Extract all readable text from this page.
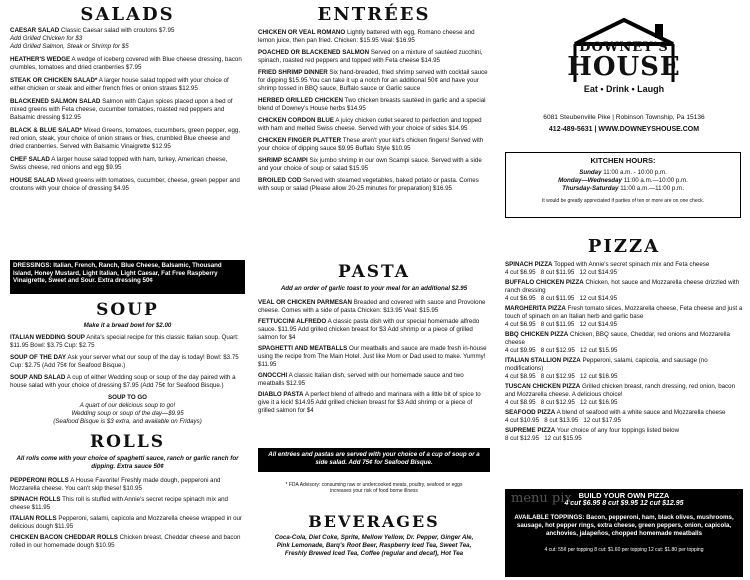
SALADS

CAESAR SALAD Classic Caesar salad with croutons $7.95
Add Grilled Chicken for $3
Add Grilled Salmon, Steak or Shrimp for $5

HEATHER'S WEDGE A wedge of iceberg covered with Blue cheese dressing, bacon crumbles, tomatoes and dried cranberries $7.95

STEAK OR CHICKEN SALAD* A larger house salad topped with your choice of either chicken or steak and either french fries or onion straws $12.95

BLACKENED SALMON SALAD Salmon with Cajun spices placed upon a bed of mixed greens with Feta cheese, cucumber tomatoes, roasted red peppers and Balsamic dressing $12.95

BLACK & BLUE SALAD* Mixed Greens, tomatoes, cucumbers, green pepper, egg, red onion, steak, your choice of onion straws or fries, crumbled Blue cheese and dried cranberries. Served with Balsamic Vinaigrette $12.95

CHEF SALAD A larger house salad topped with ham, turkey, American cheese, Swiss cheese, red onions and egg $9.95

HOUSE SALAD Mixed greens with tomatoes, cucumber, cheese, green pepper and croutons with your choice of dressing $4.95

DRESSINGS: Italian, French, Ranch, Blue Cheese, Balsamic, Thousand Island, Honey Mustard, Light Italian, Light Caesar, Fat Free Raspberry Vinaigrette, Sweet and Sour. Extra dressing 50¢

SOUP

Make it a bread bowl for $2.00

ITALIAN WEDDING SOUP Anita's special recipe for this classic Italian soup. Quart: $11.95 Bowl: $3.75 Cup: $2.75

SOUP OF THE DAY Ask your server what our soup of the day is today! Bowl: $3.75 Cup: $2.75 (Add 75¢ for Seafood Bisque.)

SOUP AND SALAD A cup of either Wedding soup or soup of the day paired with a house salad with your choice of dressing $7.95 (Add 75¢ for Seafood Bisque.)

SOUP TO GO

A quart of our delicious soup to go!
Wedding soup or soup of the day—$9.95
(Seafood Bisque is $3 extra, and available on Fridays)

ROLLS

All rolls come with your choice of spaghetti sauce, ranch or garlic ranch for dipping. Extra sauce 50¢

PEPPERONI ROLLS A House Favorite! Freshly made dough, pepperoni and Mozzarella cheese. You can't skip these! $10.95

SPINACH ROLLS This roll is stuffed with Annie's secret recipe spinach mix and cheese $11.95

ITALIAN ROLLS Pepperoni, salami, capicola and Mozzarella cheese wrapped in our delicious dough $11.95

CHICKEN BACON CHEDDAR ROLLS Chicken breast, Cheddar cheese and bacon rolled in our homemade dough $10.95

ENTRÉES

CHICKEN OR VEAL ROMANO Lightly battered with egg, Romano cheese and lemon juice, then pan fried. Chicken: $15.95 Veal: $16.95

POACHED OR BLACKENED SALMON Served on a mixture of sautéed zucchini, spinach, roasted red peppers and topped with Feta cheese $14.95

FRIED SHRIMP DINNER Six hand-breaded, fried shrimp served with cocktail sauce for dipping $15.95 You can take it up a notch for an additional 50¢ and have your shrimp tossed in BBQ sauce, Buffalo sauce or Garlic sauce

HERBED GRILLED CHICKEN Two chicken breasts sautéed in garlic and a special blend of Downey's House herbs $14.95

CHICKEN CORDON BLUE A juicy chicken cutlet seared to perfection and topped with ham and melted Swiss cheese. Served with your choice of sides $14.95

CHICKEN FINGER PLATTER These aren't your kid's chicken fingers! Served with your choice of dipping sauce $9.95 Buffalo Style $10.95

SHRIMP SCAMPI Six jumbo shrimp in our own Scampi sauce. Served with a side and your choice of soup or salad $15.95

BROILED COD Served with steamed vegetables, baked potato or pasta. Comes with soup or salad (Please allow 20-25 minutes for preparation) $16.95

PASTA

Add an order of garlic toast to your meal for an additional $2.95

VEAL OR CHICKEN PARMESAN Breaded and covered with sauce and Provolone cheese. Comes with a side of pasta Chicken: $13.95 Veal: $15.95

FETTUCCINI ALFREDO A classic pasta dish with our special homemade alfredo sauce. $11.95 Add grilled chicken breast for $3 Add shrimp or a piece of grilled salmon for $4

SPAGHETTI AND MEATBALLS Our meatballs and sauce are made fresh in-house using the recipe from The Main Hotel. Just like Mom or Dad used to make. Yummy! $11.95

GNOCCHI A classic Italian dish, served with our homemade sauce and two meatballs $12.95

DIABLO PASTA A perfect blend of alfredo and marinara with a little bit of spice to give it a kick! $14.95 Add grilled chicken breast for $3 Add shrimp or a piece of grilled salmon for $4

All entrées and pastas are served with your choice of a cup of soup or a side salad. Add 75¢ for Seafood Bisque.

* FDA Advisory: consuming raw or undercooked meats, poultry, seafood or eggs increases your risk of food borne illness

BEVERAGES

Coca-Cola, Diet Coke, Sprite, Mellow Yellow, Dr. Pepper, Ginger Ale, Pink Lemonade, Barq's Root Beer, Raspberry Iced Tea, Sweet Tea, Freshly Brewed Iced Tea, Coffee (regular and decaf), Hot Tea

DOWNEY'S
HOUSE
Eat • Drink • Laugh

6081 Steubenville Pike | Robinson Township, Pa 15136

412-489-5631 | WWW.DOWNEYSHOUSE.COM

KITCHEN HOURS:

Sunday 11:00 a.m. - 10:00 p.m.

Monday—Wednesday 11:00 a.m.—10:00 p.m.

Thursday-Saturday 11:00 a.m.—11:00 p.m.

It would be greatly appreciated if parties of ten or more are on one check.

PIZZA

SPINACH PIZZA Topped with Annie's secret spinach mix and Feta cheese
4 cut $6.95   8 cut $11.95   12 cut $14.95

BUFFALO CHICKEN PIZZA Chicken, hot sauce and Mozzarella cheese drizzled with ranch dressing
4 cut $6.95   8 cut $11.95   12 cut $14.95

MARGHERITA PIZZA Fresh tomato slices, Mozzarella cheese, Feta cheese and just a touch of spinach on an Italian herb and garlic base
4 cut $6.95   8 cut $11.95   12 cut $14.95

BBQ CHICKEN PIZZA Chicken, BBQ sauce, Cheddar, red onions and Mozzarella cheese
4 cut $9.95   8 cut $12.95   12 cut $15.95

ITALIAN STALLION PIZZA Pepperoni, salami, capicola, and sausage (no modifications)
4 cut $8.95   8 cut $12.95   12 cut $16.95

TUSCAN CHICKEN PIZZA Grilled chicken breast, ranch dressing, red onion, bacon and Mozzarella cheese. A delicious choice!
4 cut $8.95   8 cut $12.95   12 cut $16.95

SEAFOOD PIZZA A blend of seafood with a white sauce and Mozzarella cheese
4 cut $10.95   8 cut $13.95   12 cut $17.95

SUPREME PIZZA Your choice of any four toppings listed below
8 cut $12.95   12 cut $15.95

menu pix BUILD YOUR OWN PIZZA

4 cut $6.95 8 cut $9.95 12 cut $12.95

AVAILABLE TOPPINGS: Bacon, pepperoni, ham, black olives, mushrooms, sausage, hot pepper rings, extra cheese, green peppers, onion, capicola, anchovies, jalapeños, chopped homemade meatballs

4 cut: 55¢ per topping 8 cut: $1.60 per topping 12 cut: $1.80 per topping
